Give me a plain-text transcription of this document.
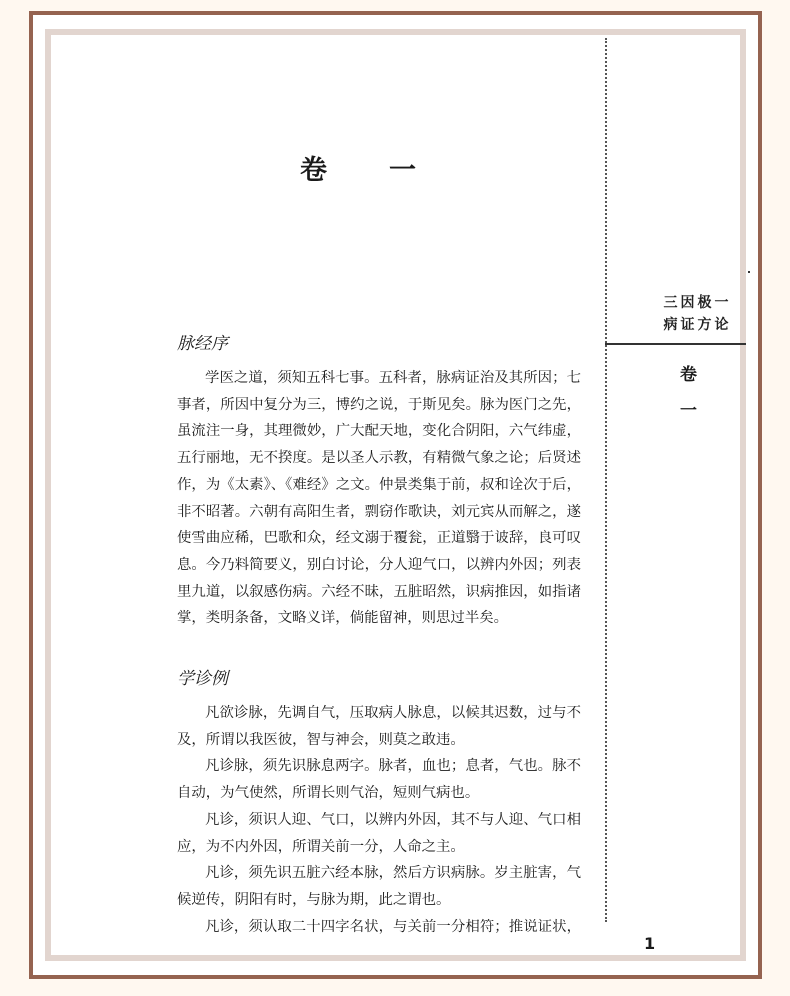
卷 一
三 因 极 一
病 证 方 论
卷
一
脉经序
学医之道，须知五科七事。五科者，脉病证治及其所因；七
事者，所因中复分为三，博约之说，于斯见矣。脉为医门之先，
虽流注一身，其理微妙，广大配天地，变化合阴阳，六气纬虚，
五行丽地，无不揆度。是以圣人示教，有精微气象之论；后贤述
作，为《太素》、《难经》之文。仲景类集于前，叔和诠次于后，
非不昭著。六朝有高阳生者，剽窃作歌诀，刘元宾从而解之，遂
使雪曲应稀，巴歌和众，经文溺于覆瓮，正道翳于诐辞，良可叹
息。今乃料简要义，别白讨论，分人迎气口，以辨内外因；列表
里九道，以叙感伤病。六经不昧，五脏昭然，识病推因，如指诸
掌，类明条备，文略义详，倘能留神，则思过半矣。
学诊例
凡欲诊脉，先调自气，压取病人脉息，以候其迟数，过与不
及，所谓以我医彼，智与神会，则莫之敢违。
凡诊脉，须先识脉息两字。脉者，血也；息者，气也。脉不
自动，为气使然，所谓长则气治，短则气病也。
凡诊，须识人迎、气口，以辨内外因，其不与人迎、气口相
应，为不内外因，所谓关前一分，人命之主。
凡诊，须先识五脏六经本脉，然后方识病脉。岁主脏害，气
候逆传，阴阳有时，与脉为期，此之谓也。
凡诊，须认取二十四字名状，与关前一分相符；推说证状，
1
